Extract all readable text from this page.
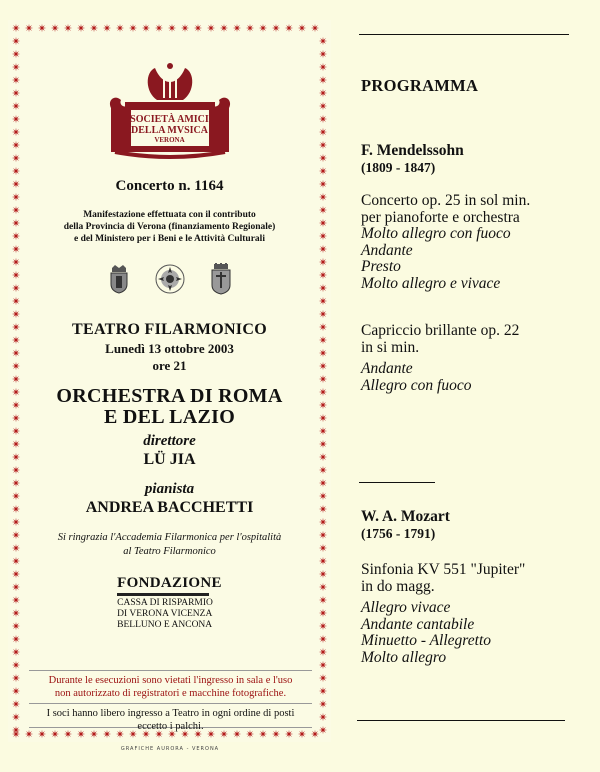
SOCIETÀ AMICI
DELLA MVSICA
VERONA
Concerto n. 1164
Manifestazione effettuata con il contributo
della Provincia di Verona (finanziamento Regionale)
e del Ministero per i Beni e le Attività Culturali
TEATRO FILARMONICO
Lunedì 13 ottobre 2003
ore 21
ORCHESTRA DI ROMA
E DEL LAZIO
direttore
LÜ JIA
pianista
ANDREA BACCHETTI
Si ringrazia l'Accademia Filarmonica per l'ospitalità
al Teatro Filarmonico
FONDAZIONE
CASSA DI RISPARMIO
DI VERONA VICENZA
BELLUNO E ANCONA
Durante le esecuzioni sono vietati l'ingresso in sala e l'uso
non autorizzato di registratori e macchine fotografiche.
I soci hanno libero ingresso a Teatro in ogni ordine di posti
eccetto i palchi.
GRAFICHE AURORA - VERONA
PROGRAMMA
F. Mendelssohn
(1809 - 1847)
Concerto op. 25 in sol min.
per pianoforte e orchestra
Molto allegro con fuoco
Andante
Presto
Molto allegro e vivace
Capriccio brillante op. 22
in si min.
Andante
Allegro con fuoco
W. A. Mozart
(1756 - 1791)
Sinfonia KV 551 "Jupiter"
in do magg.
Allegro vivace
Andante cantabile
Minuetto - Allegretto
Molto allegro
